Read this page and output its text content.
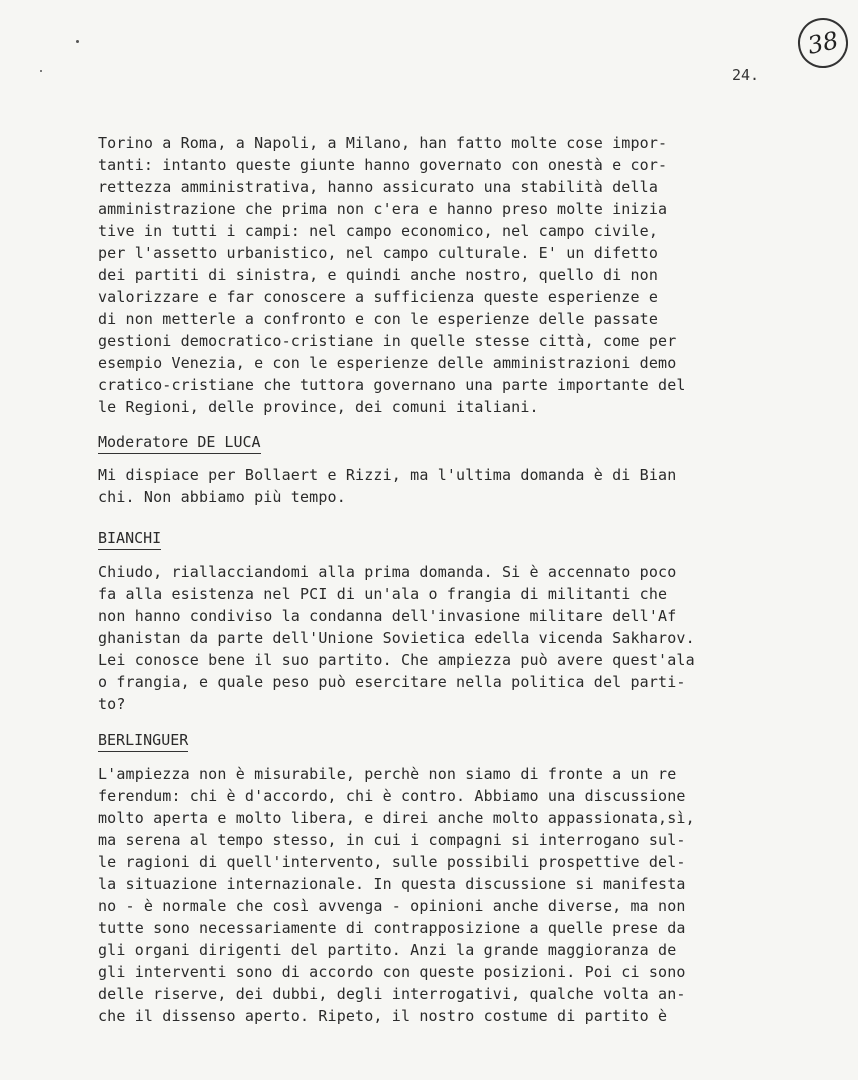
38
24.
Torino a Roma, a Napoli, a Milano, han fatto molte cose impor-
tanti: intanto queste giunte hanno governato con onestà e cor-
rettezza amministrativa, hanno assicurato una stabilità della
amministrazione che prima non c'era e hanno preso molte inizia
tive in tutti i campi: nel campo economico, nel campo civile,
per l'assetto urbanistico, nel campo culturale. E' un difetto
dei partiti di sinistra, e quindi anche nostro, quello di non
valorizzare e far conoscere a sufficienza queste esperienze e
di non metterle a confronto e con le esperienze delle passate
gestioni democratico-cristiane in quelle stesse città, come per
esempio Venezia, e con le esperienze delle amministrazioni demo
cratico-cristiane che tuttora governano una parte importante del
le Regioni, delle province, dei comuni italiani.
Moderatore DE LUCA
Mi dispiace per Bollaert e Rizzi, ma l'ultima domanda è di Bian
chi. Non abbiamo più tempo.
BIANCHI
Chiudo, riallacciandomi alla prima domanda. Si è accennato poco
fa alla esistenza nel PCI di un'ala o frangia di militanti che
non hanno condiviso la condanna dell'invasione militare dell'Af
ghanistan da parte dell'Unione Sovietica edella vicenda Sakharov.
Lei conosce bene il suo partito. Che ampiezza può avere quest'ala
o frangia, e quale peso può esercitare nella politica del parti-
to?
BERLINGUER
L'ampiezza non è misurabile, perchè non siamo di fronte a un re
ferendum: chi è d'accordo, chi è contro. Abbiamo una discussione
molto aperta e molto libera, e direi anche molto appassionata,sì,
ma serena al tempo stesso, in cui i compagni si interrogano sul-
le ragioni di quell'intervento, sulle possibili prospettive del-
la situazione internazionale. In questa discussione si manifesta
no - è normale che così avvenga - opinioni anche diverse, ma non
tutte sono necessariamente di contrapposizione a quelle prese da
gli organi dirigenti del partito. Anzi la grande maggioranza de
gli interventi sono di accordo con queste posizioni. Poi ci sono
delle riserve, dei dubbi, degli interrogativi, qualche volta an-
che il dissenso aperto. Ripeto, il nostro costume di partito è
